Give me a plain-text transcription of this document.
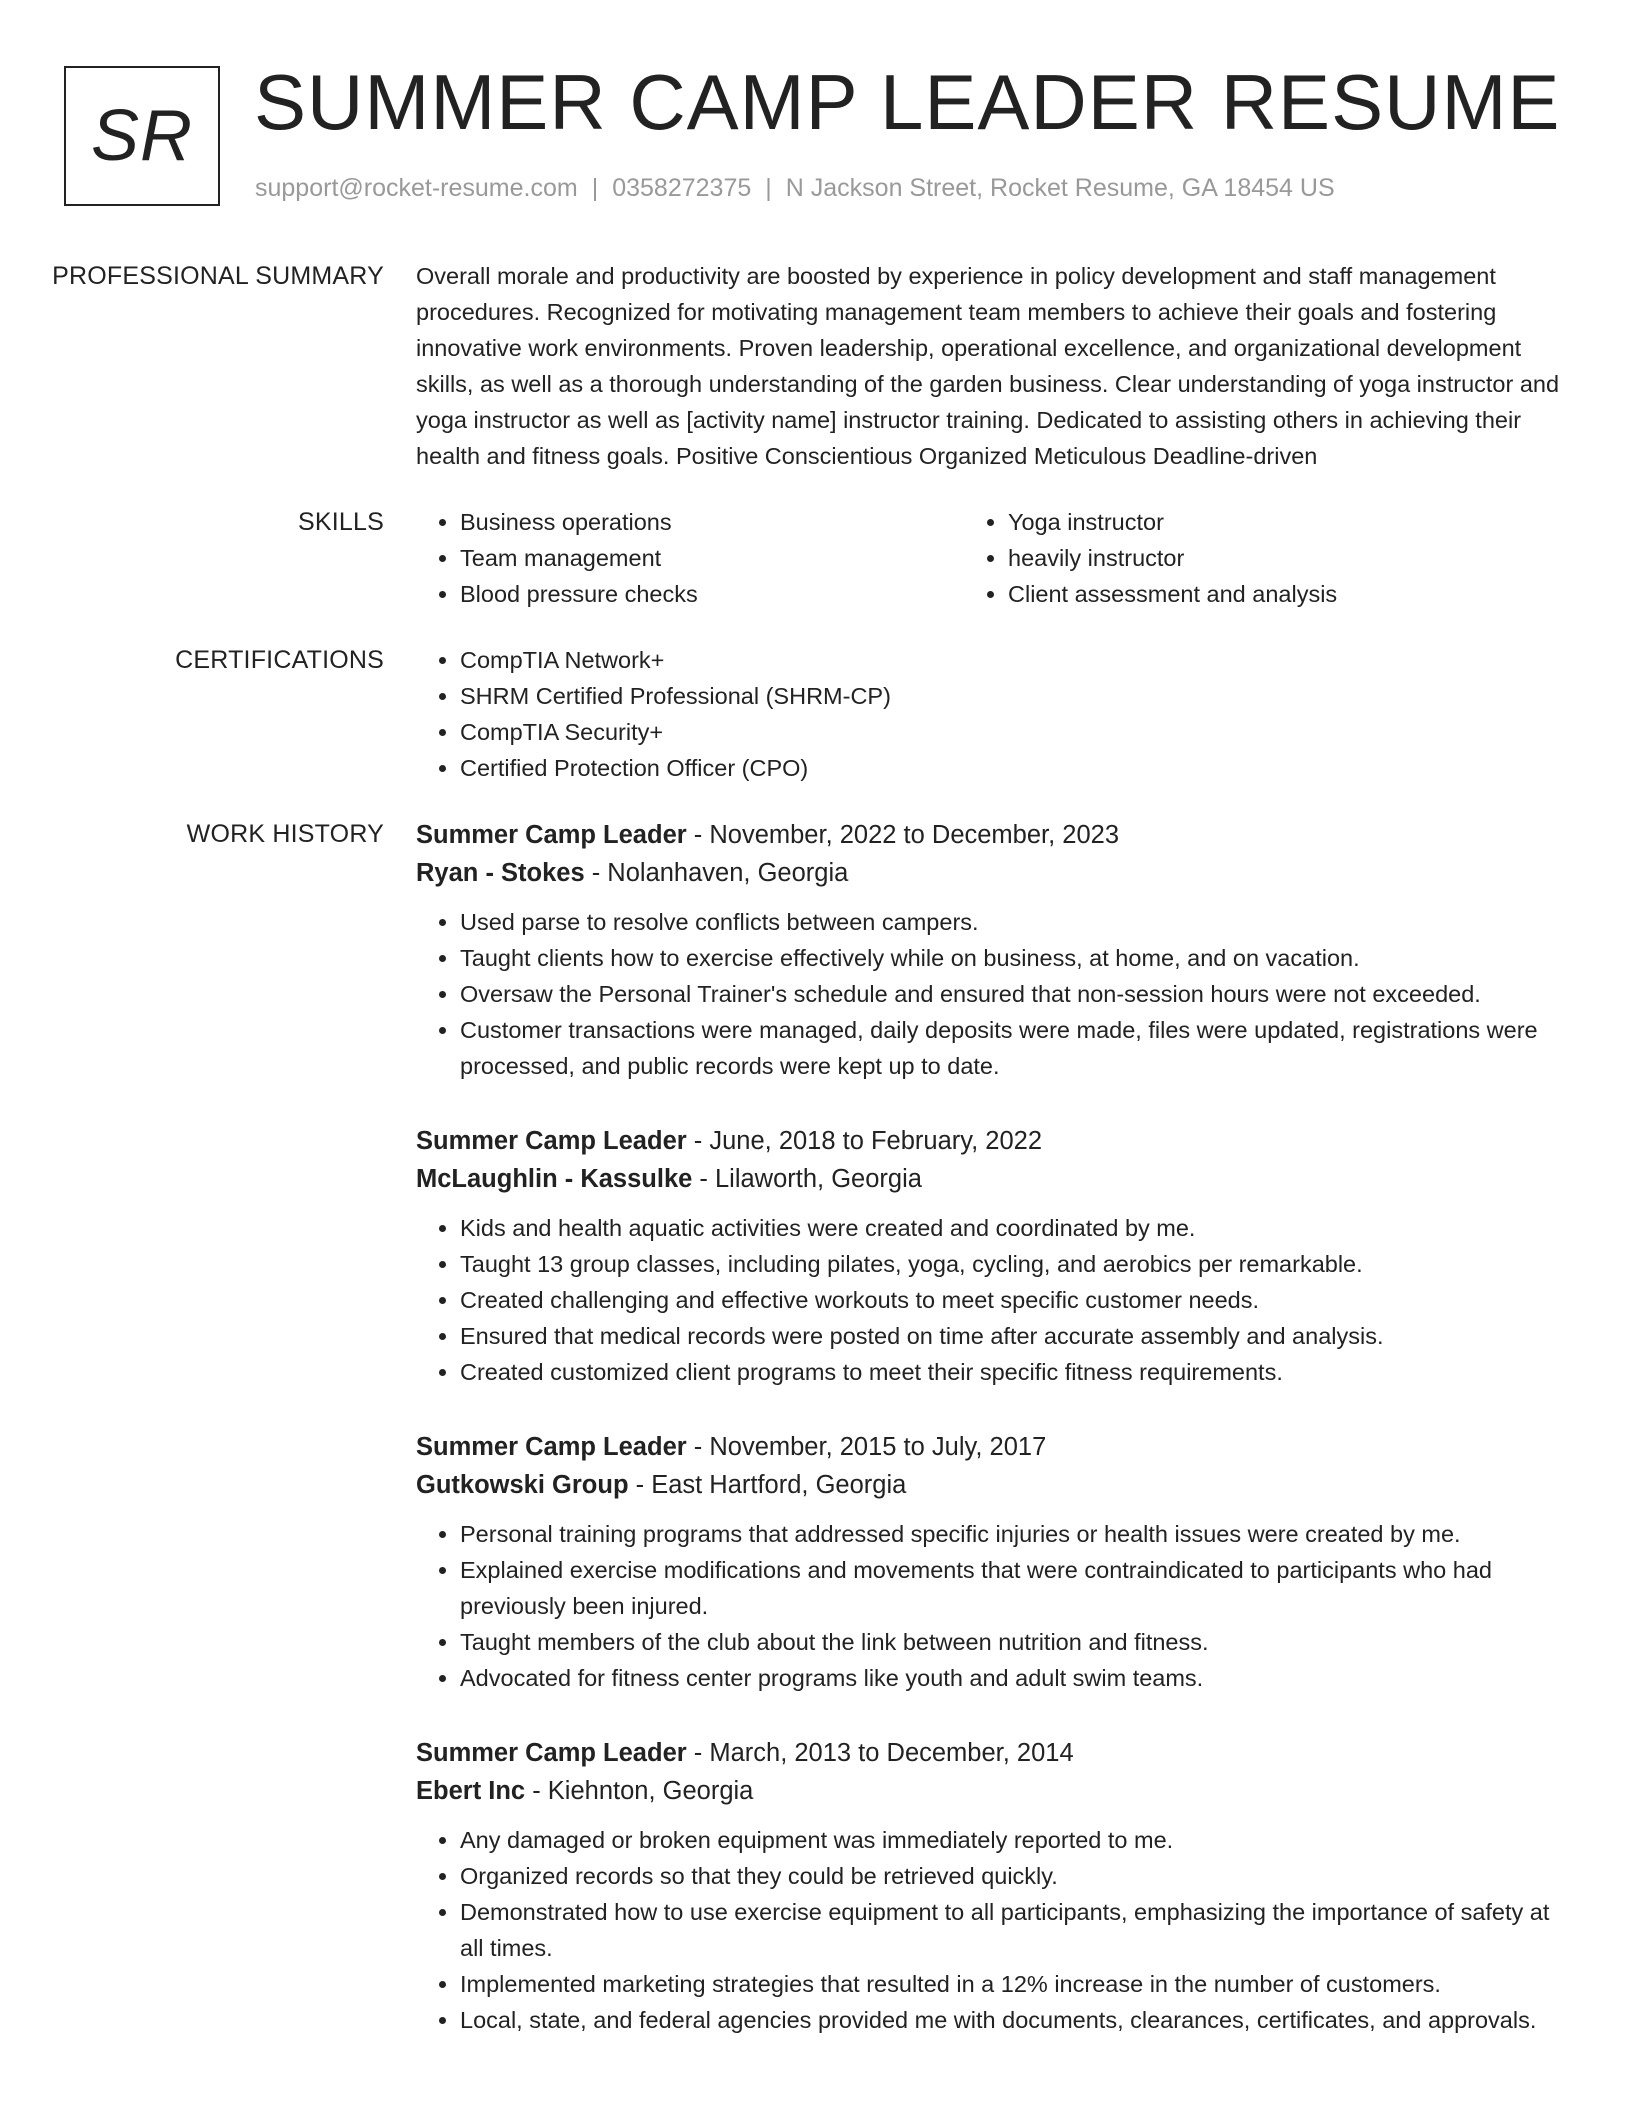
SR SUMMER CAMP LEADER RESUME
support@rocket-resume.com | 0358272375 | N Jackson Street, Rocket Resume, GA 18454 US
PROFESSIONAL SUMMARY	Overall morale and productivity are boosted by experience in policy development and staff management procedures. Recognized for motivating management team members to achieve their goals and fostering innovative work environments. Proven leadership, operational excellence, and organizational development skills, as well as a thorough understanding of the garden business. Clear understanding of yoga instructor and yoga instructor as well as [activity name] instructor training. Dedicated to assisting others in achieving their health and fitness goals. Positive Conscientious Organized Meticulous Deadline-driven

SKILLS	• Business operations
• Team management
• Blood pressure checks
• Yoga instructor
• heavily instructor
• Client assessment and analysis
CERTIFICATIONS	• CompTIA Network+
• SHRM Certified Professional (SHRM-CP)
• CompTIA Security+
• Certified Protection Officer (CPO)
WORK HISTORY	Summer Camp Leader - November, 2022 to December, 2023
Ryan - Stokes - Nolanhaven, Georgia
• Used parse to resolve conflicts between campers.
• Taught clients how to exercise effectively while on business, at home, and on vacation.
• Oversaw the Personal Trainer's schedule and ensured that non-session hours were not exceeded.
• Customer transactions were managed, daily deposits were made, files were updated, registrations were processed, and public records were kept up to date.
Summer Camp Leader - June, 2018 to February, 2022
McLaughlin - Kassulke - Lilaworth, Georgia
• Kids and health aquatic activities were created and coordinated by me.
• Taught 13 group classes, including pilates, yoga, cycling, and aerobics per remarkable.
• Created challenging and effective workouts to meet specific customer needs.
• Ensured that medical records were posted on time after accurate assembly and analysis.
• Created customized client programs to meet their specific fitness requirements.
Summer Camp Leader - November, 2015 to July, 2017
Gutkowski Group - East Hartford, Georgia
• Personal training programs that addressed specific injuries or health issues were created by me.
• Explained exercise modifications and movements that were contraindicated to participants who had previously been injured.
• Taught members of the club about the link between nutrition and fitness.
• Advocated for fitness center programs like youth and adult swim teams.
Summer Camp Leader - March, 2013 to December, 2014
Ebert Inc - Kiehnton, Georgia
• Any damaged or broken equipment was immediately reported to me.
• Organized records so that they could be retrieved quickly.
• Demonstrated how to use exercise equipment to all participants, emphasizing the importance of safety at all times.
• Implemented marketing strategies that resulted in a 12% increase in the number of customers.
• Local, state, and federal agencies provided me with documents, clearances, certificates, and approvals.
